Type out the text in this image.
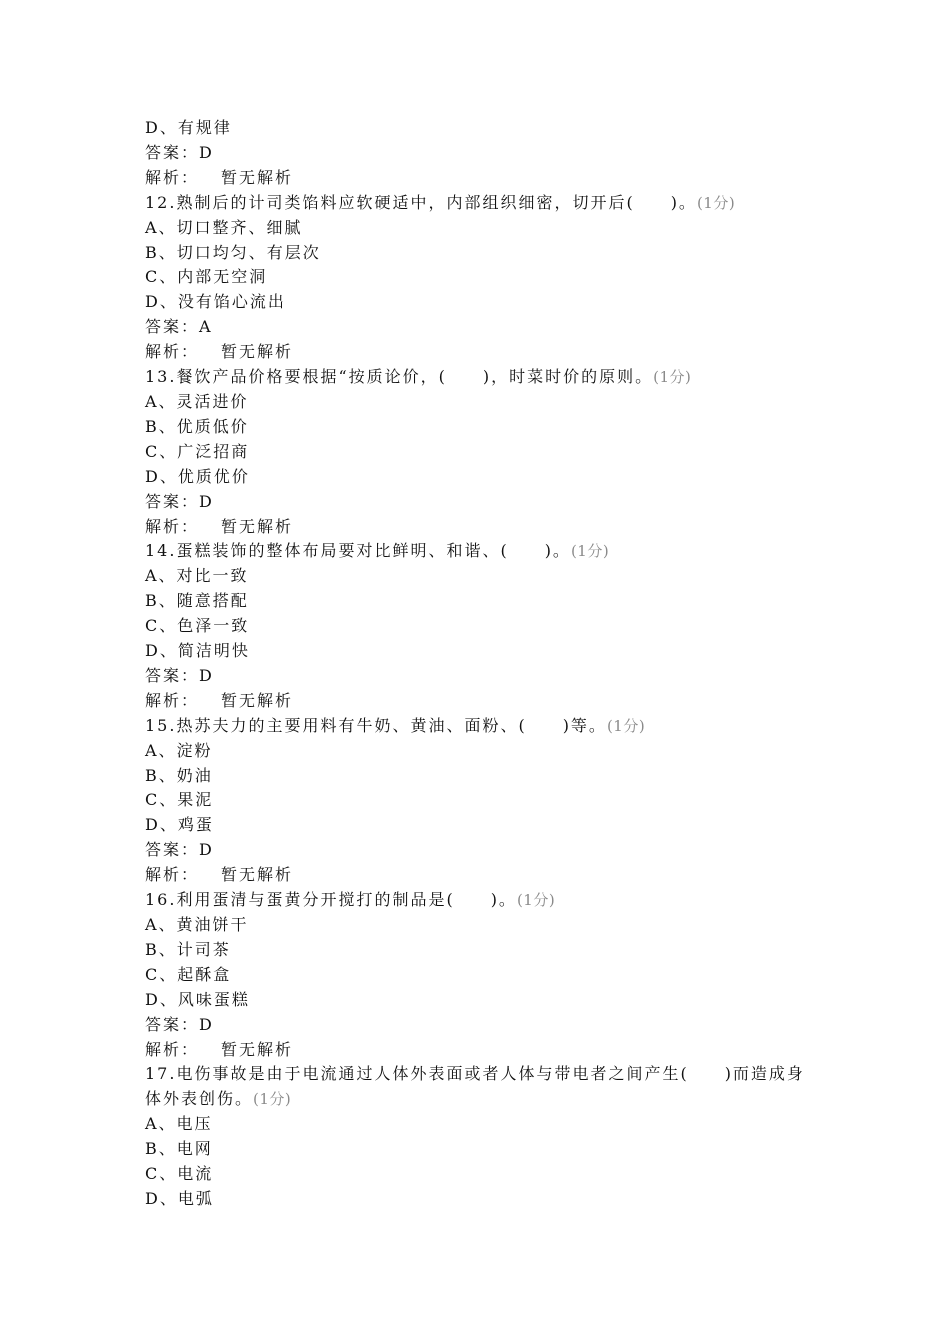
D、有规律
答案：D
解析： 暂无解析
12.熟制后的计司类馅料应软硬适中，内部组织细密，切开后(　　)。(1分)
A、切口整齐、细腻
B、切口均匀、有层次
C、内部无空洞
D、没有馅心流出
答案：A
解析： 暂无解析
13.餐饮产品价格要根据“按质论价，(　　)，时菜时价的原则。(1分)
A、灵活进价
B、优质低价
C、广泛招商
D、优质优价
答案：D
解析： 暂无解析
14.蛋糕装饰的整体布局要对比鲜明、和谐、(　　)。(1分)
A、对比一致
B、随意搭配
C、色泽一致
D、简洁明快
答案：D
解析： 暂无解析
15.热苏夫力的主要用料有牛奶、黄油、面粉、(　　)等。(1分)
A、淀粉
B、奶油
C、果泥
D、鸡蛋
答案：D
解析： 暂无解析
16.利用蛋清与蛋黄分开搅打的制品是(　　)。(1分)
A、黄油饼干
B、计司茶
C、起酥盒
D、风味蛋糕
答案：D
解析： 暂无解析
17.电伤事故是由于电流通过人体外表面或者人体与带电者之间产生(　　)而造成身体外表创伤。(1分)
A、电压
B、电网
C、电流
D、电弧
